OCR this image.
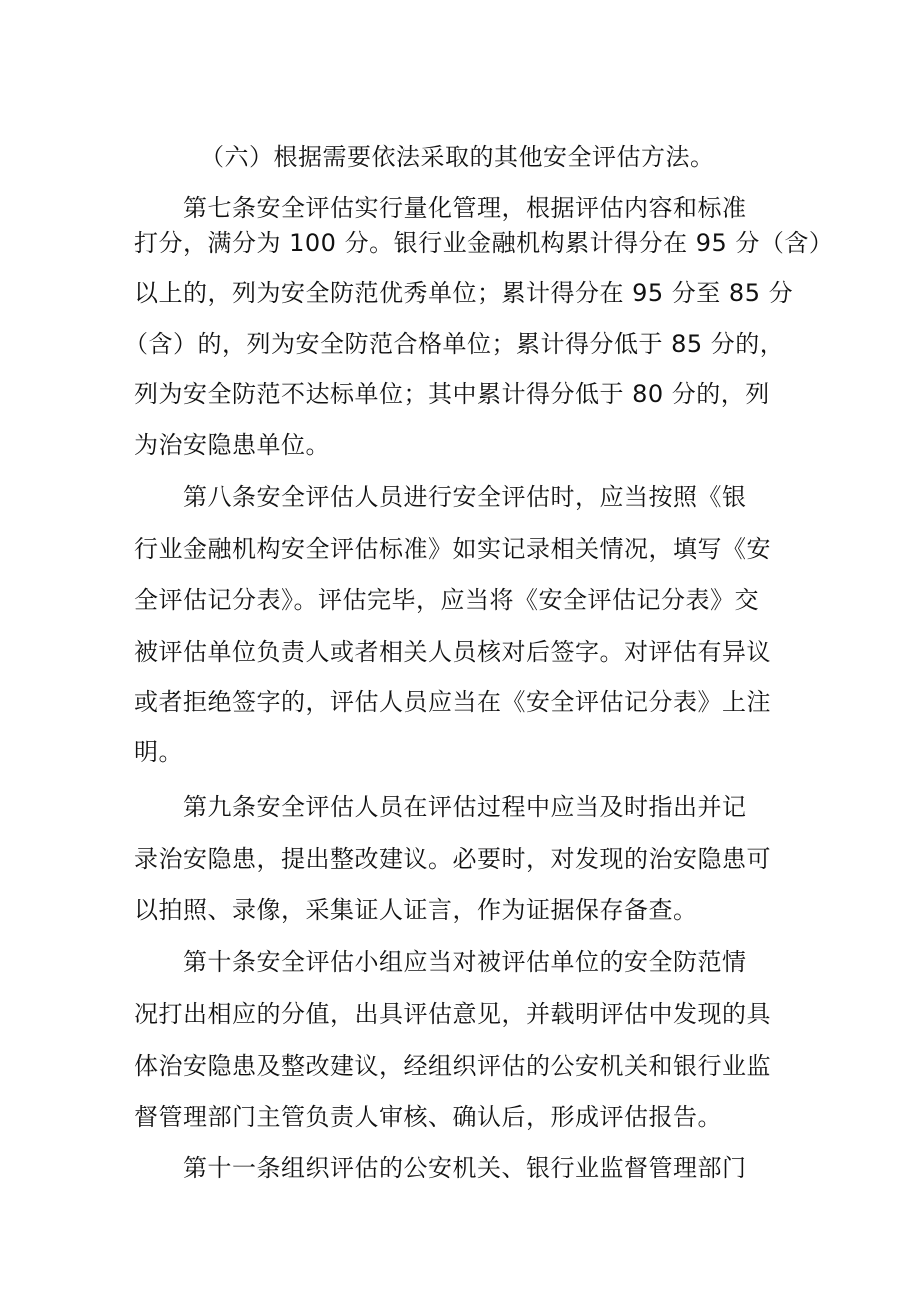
（六）根据需要依法采取的其他安全评估方法。
第七条安全评估实行量化管理，根据评估内容和标准
打分，满分为 100 分。银行业金融机构累计得分在 95 分（含）
以上的，列为安全防范优秀单位；累计得分在 95 分至 85 分
（含）的，列为安全防范合格单位；累计得分低于 85 分的，
列为安全防范不达标单位；其中累计得分低于 80 分的，列
为治安隐患单位。
第八条安全评估人员进行安全评估时，应当按照《银
行业金融机构安全评估标准》如实记录相关情况，填写《安
全评估记分表》。评估完毕，应当将《安全评估记分表》交
被评估单位负责人或者相关人员核对后签字。对评估有异议
或者拒绝签字的，评估人员应当在《安全评估记分表》上注
明。
第九条安全评估人员在评估过程中应当及时指出并记
录治安隐患，提出整改建议。必要时，对发现的治安隐患可
以拍照、录像，采集证人证言，作为证据保存备查。
第十条安全评估小组应当对被评估单位的安全防范情
况打出相应的分值，出具评估意见，并载明评估中发现的具
体治安隐患及整改建议，经组织评估的公安机关和银行业监
督管理部门主管负责人审核、确认后，形成评估报告。
第十一条组织评估的公安机关、银行业监督管理部门
